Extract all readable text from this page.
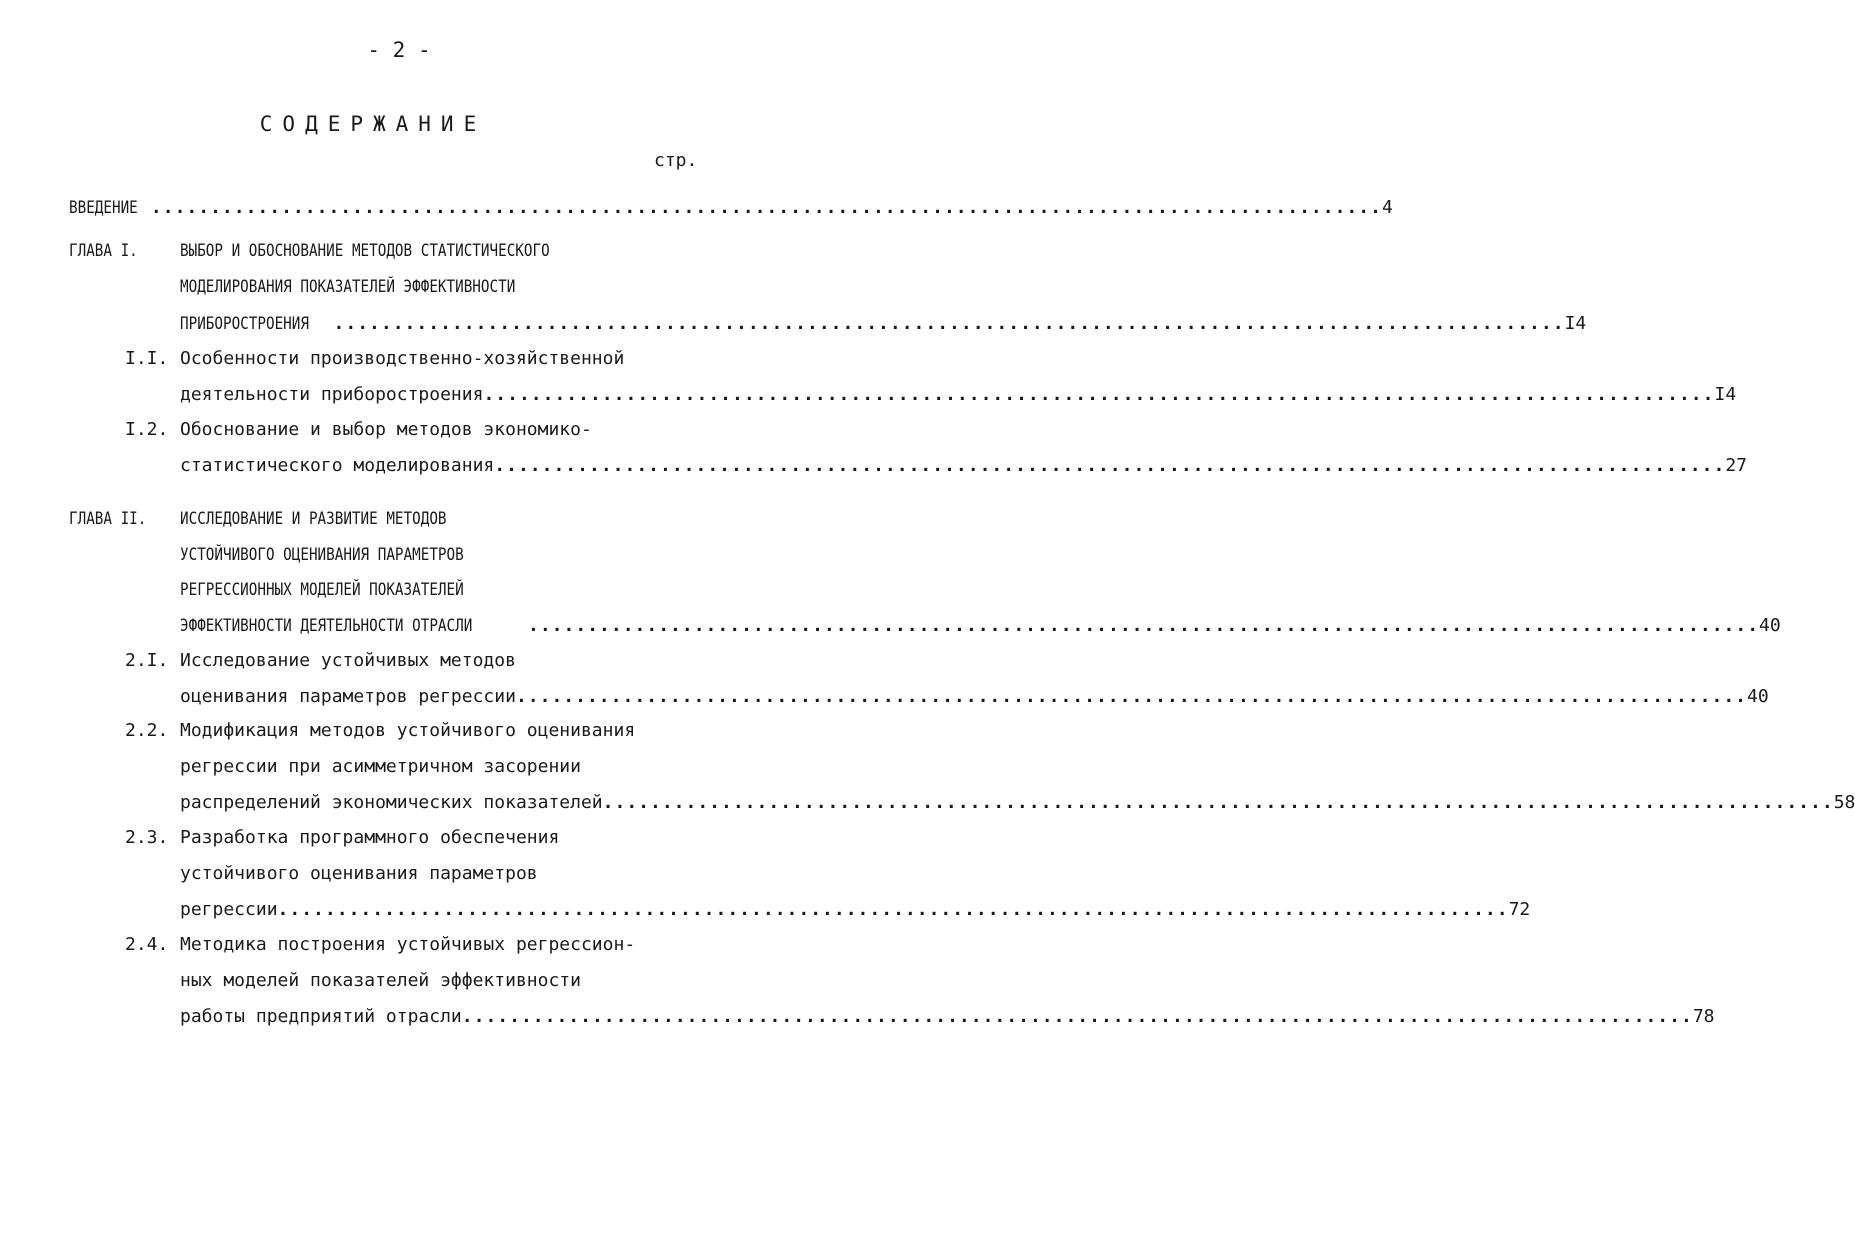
- 2 -
СОДЕРЖАНИЕ
стр.
ВВЕДЕНИЕ ........................................................................................................ 4
ГЛАВА I. ВЫБОР И ОБОСНОВАНИЕ МЕТОДОВ СТАТИСТИЧЕСКОГО
МОДЕЛИРОВАНИЯ ПОКАЗАТЕЛЕЙ ЭФФЕКТИВНОСТИ
ПРИБОРОСТРОЕНИЯ ........................................................................................................ I4
I.I. Особенности производственно-хозяйственной
деятельности приборостроения ........................................................................................................ I4
I.2. Обоснование и выбор методов экономико-
статистического моделирования ........................................................................................................ 27
ГЛАВА II. ИССЛЕДОВАНИЕ И РАЗВИТИЕ МЕТОДОВ
УСТОЙЧИВОГО ОЦЕНИВАНИЯ ПАРАМЕТРОВ
РЕГРЕССИОННЫХ МОДЕЛЕЙ ПОКАЗАТЕЛЕЙ
ЭФФЕКТИВНОСТИ ДЕЯТЕЛЬНОСТИ ОТРАСЛИ	........................................................................................................ 40
2.I. Исследование устойчивых методов
оценивания параметров регрессии ........................................................................................................ 40
2.2. Модификация методов устойчивого оценивания
регрессии при асимметричном засорении
распределений экономических показателей ........................................................................................................ 58
2.3. Разработка программного обеспечения
устойчивого оценивания параметров
регрессии ........................................................................................................ 72
2.4. Методика построения устойчивых регрессион-
ных моделей показателей эффективности
работы предприятий отрасли ........................................................................................................ 78
